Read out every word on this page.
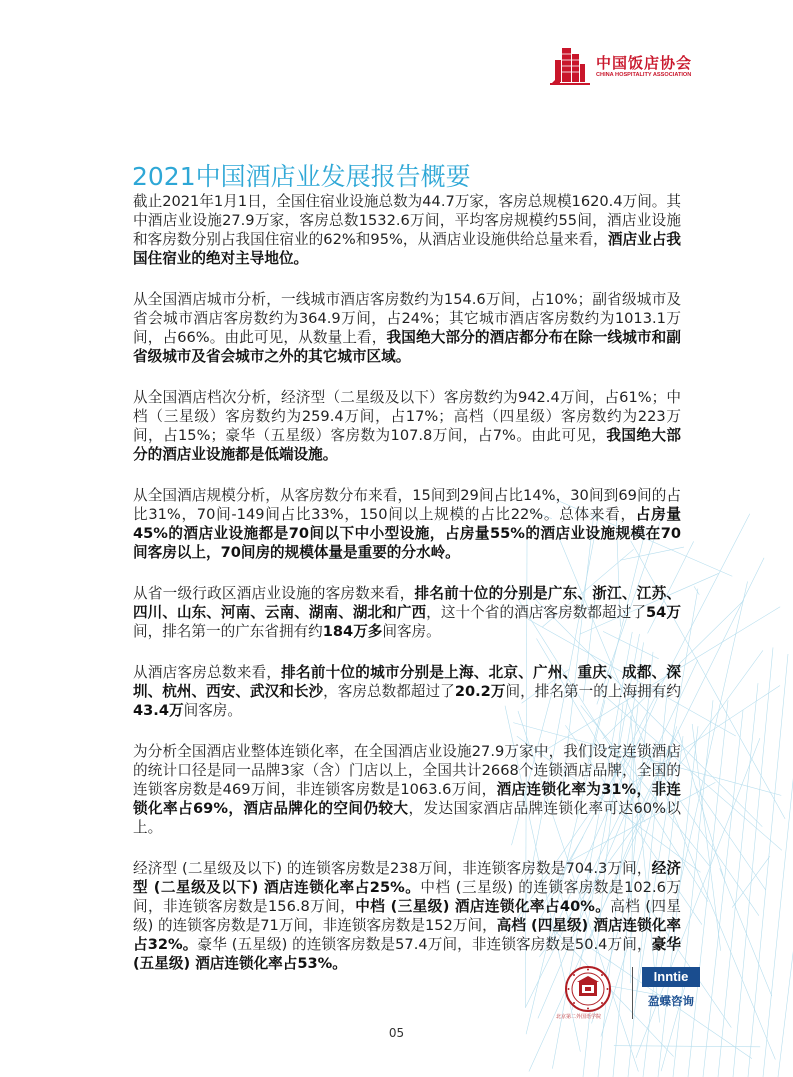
中国饭店协会
CHINA HOSPITALITY ASSOCIATION
2021中国酒店业发展报告概要

截止2021年1月1日，全国住宿业设施总数为44.7万家，客房总规模1620.4万间。其中酒店业设施27.9万家，客房总数1532.6万间，平均客房规模约55间，酒店业设施和客房数分别占我国住宿业的62%和95%，从酒店业设施供给总量来看，酒店业占我国住宿业的绝对主导地位。

从全国酒店城市分析，一线城市酒店客房数约为154.6万间，占10%；副省级城市及省会城市酒店客房数约为364.9万间，占24%；其它城市酒店客房数约为1013.1万间，占66%。由此可见，从数量上看，我国绝大部分的酒店都分布在除一线城市和副省级城市及省会城市之外的其它城市区域。

从全国酒店档次分析，经济型（二星级及以下）客房数约为942.4万间，占61%；中档（三星级）客房数约为259.4万间，占17%；高档（四星级）客房数约为223万间，占15%；豪华（五星级）客房数为107.8万间，占7%。由此可见，我国绝大部分的酒店业设施都是低端设施。

从全国酒店规模分析，从客房数分布来看，15间到29间占比14%，30间到69间的占比31%，70间-149间占比33%，150间以上规模的占比22%。总体来看，占房量45%的酒店业设施都是70间以下中小型设施，占房量55%的酒店业设施规模在70间客房以上，70间房的规模体量是重要的分水岭。

从省一级行政区酒店业设施的客房数来看，排名前十位的分别是广东、浙江、江苏、四川、山东、河南、云南、湖南、湖北和广西，这十个省的酒店客房数都超过了54万间，排名第一的广东省拥有约184万多间客房。

从酒店客房总数来看，排名前十位的城市分别是上海、北京、广州、重庆、成都、深圳、杭州、西安、武汉和长沙，客房总数都超过了20.2万间，排名第一的上海拥有约43.4万间客房。

为分析全国酒店业整体连锁化率，在全国酒店业设施27.9万家中，我们设定连锁酒店的统计口径是同一品牌3家（含）门店以上，全国共计2668个连锁酒店品牌，全国的连锁客房数是469万间，非连锁客房数是1063.6万间，酒店连锁化率为31%，非连锁化率占69%，酒店品牌化的空间仍较大，发达国家酒店品牌连锁化率可达60%以上。

经济型 (二星级及以下) 的连锁客房数是238万间，非连锁客房数是704.3万间，经济型 (二星级及以下) 酒店连锁化率占25%。中档 (三星级) 的连锁客房数是102.6万间，非连锁客房数是156.8万间，中档 (三星级) 酒店连锁化率占40%。高档 (四星级) 的连锁客房数是71万间，非连锁客房数是152万间，高档 (四星级) 酒店连锁化率占32%。豪华 (五星级) 的连锁客房数是57.4万间，非连锁客房数是50.4万间，豪华 (五星级) 酒店连锁化率占53%。

北京第二外国语学院
Inntie
盈蝶咨询
05
